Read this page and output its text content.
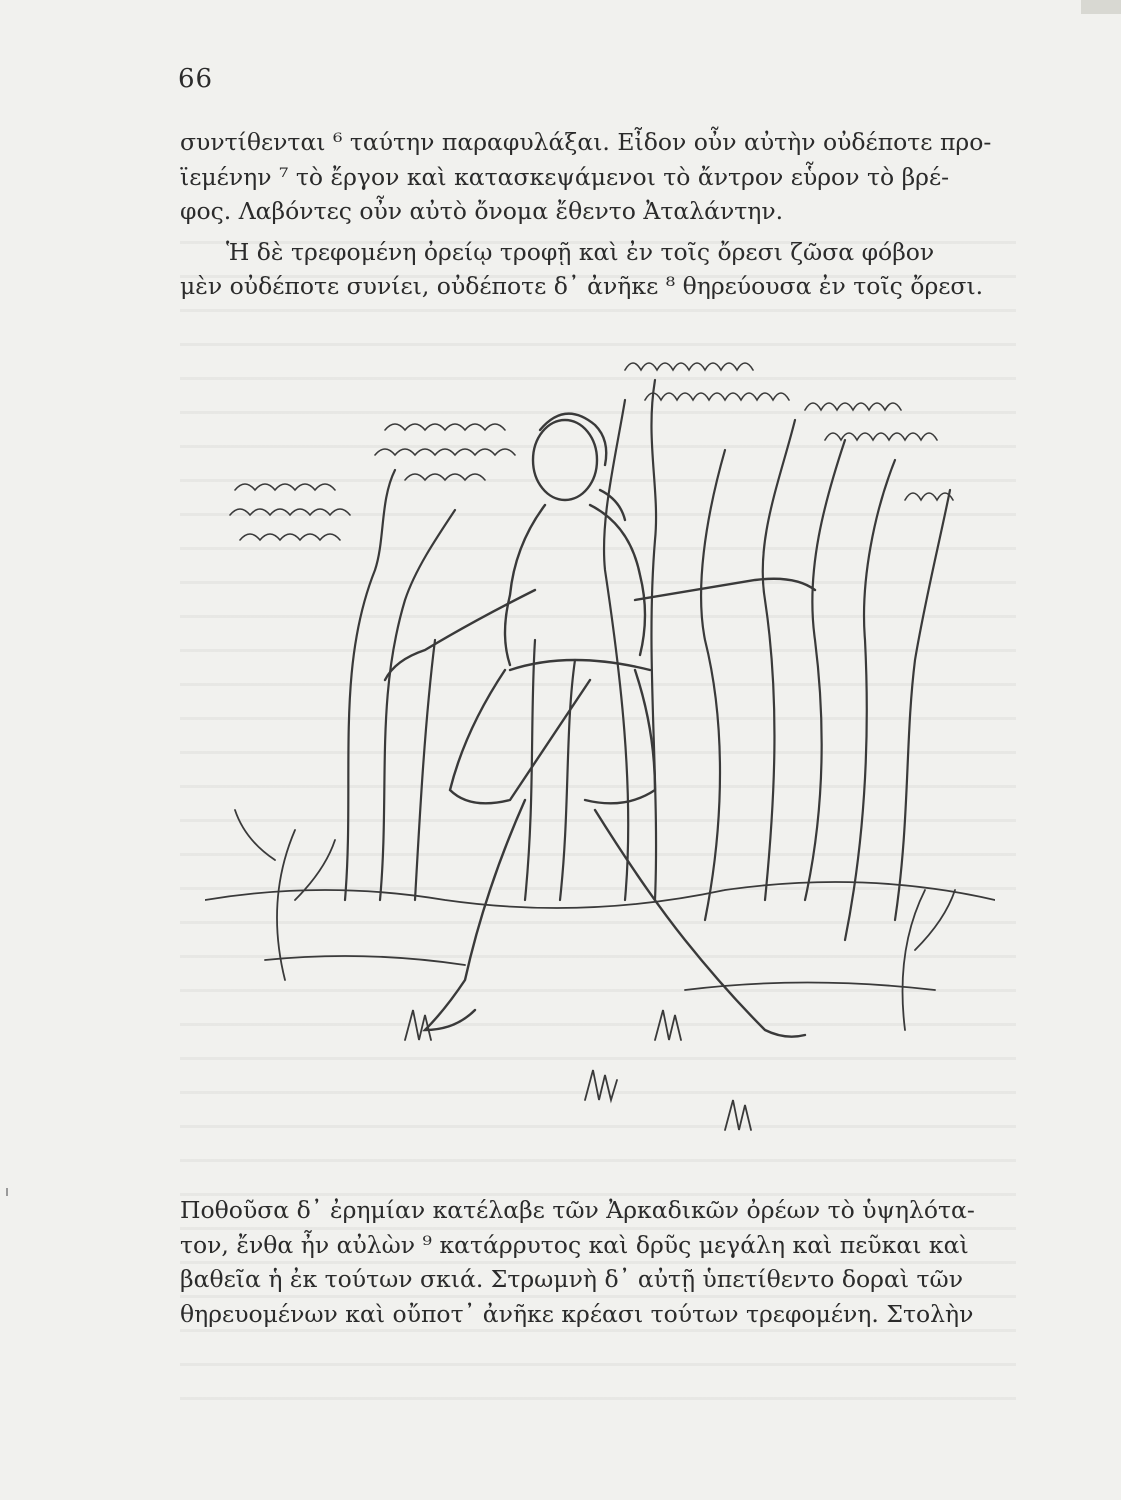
66

συντίθενται ⁶ ταύτην παραφυλάξαι. Εἶδον οὖν αὐτὴν οὐδέποτε προ-
ϊεμένην ⁷ τὸ ἔργον καὶ κατασκεψάμενοι τὸ ἄντρον εὗρον τὸ βρέ-
φος. Λαβόντες οὖν αὐτὸ ὄνομα ἔθεντο Ἀταλάντην.

Ἡ δὲ τρεφομένη ὀρείῳ τροφῇ καὶ ἐν τοῖς ὄρεσι ζῶσα φόβον
μὲν οὐδέποτε συνίει, οὐδέποτε δ᾽ ἀνῆκε ⁸ θηρεύουσα ἐν τοῖς ὄρεσι.

Ποθοῦσα δ᾽ ἐρημίαν κατέλαβε τῶν Ἀρκαδικῶν ὀρέων τὸ ὑψηλότα-
τον, ἔνθα ἦν αὐλὼν ⁹ κατάρρυτος καὶ δρῦς μεγάλη καὶ πεῦκαι καὶ
βαθεῖα ἡ ἐκ τούτων σκιά. Στρωμνὴ δ᾽ αὐτῇ ὑπετίθεντο δοραὶ τῶν
θηρευομένων καὶ οὔποτ᾽ ἀνῆκε κρέασι τούτων τρεφομένη. Στολὴν
